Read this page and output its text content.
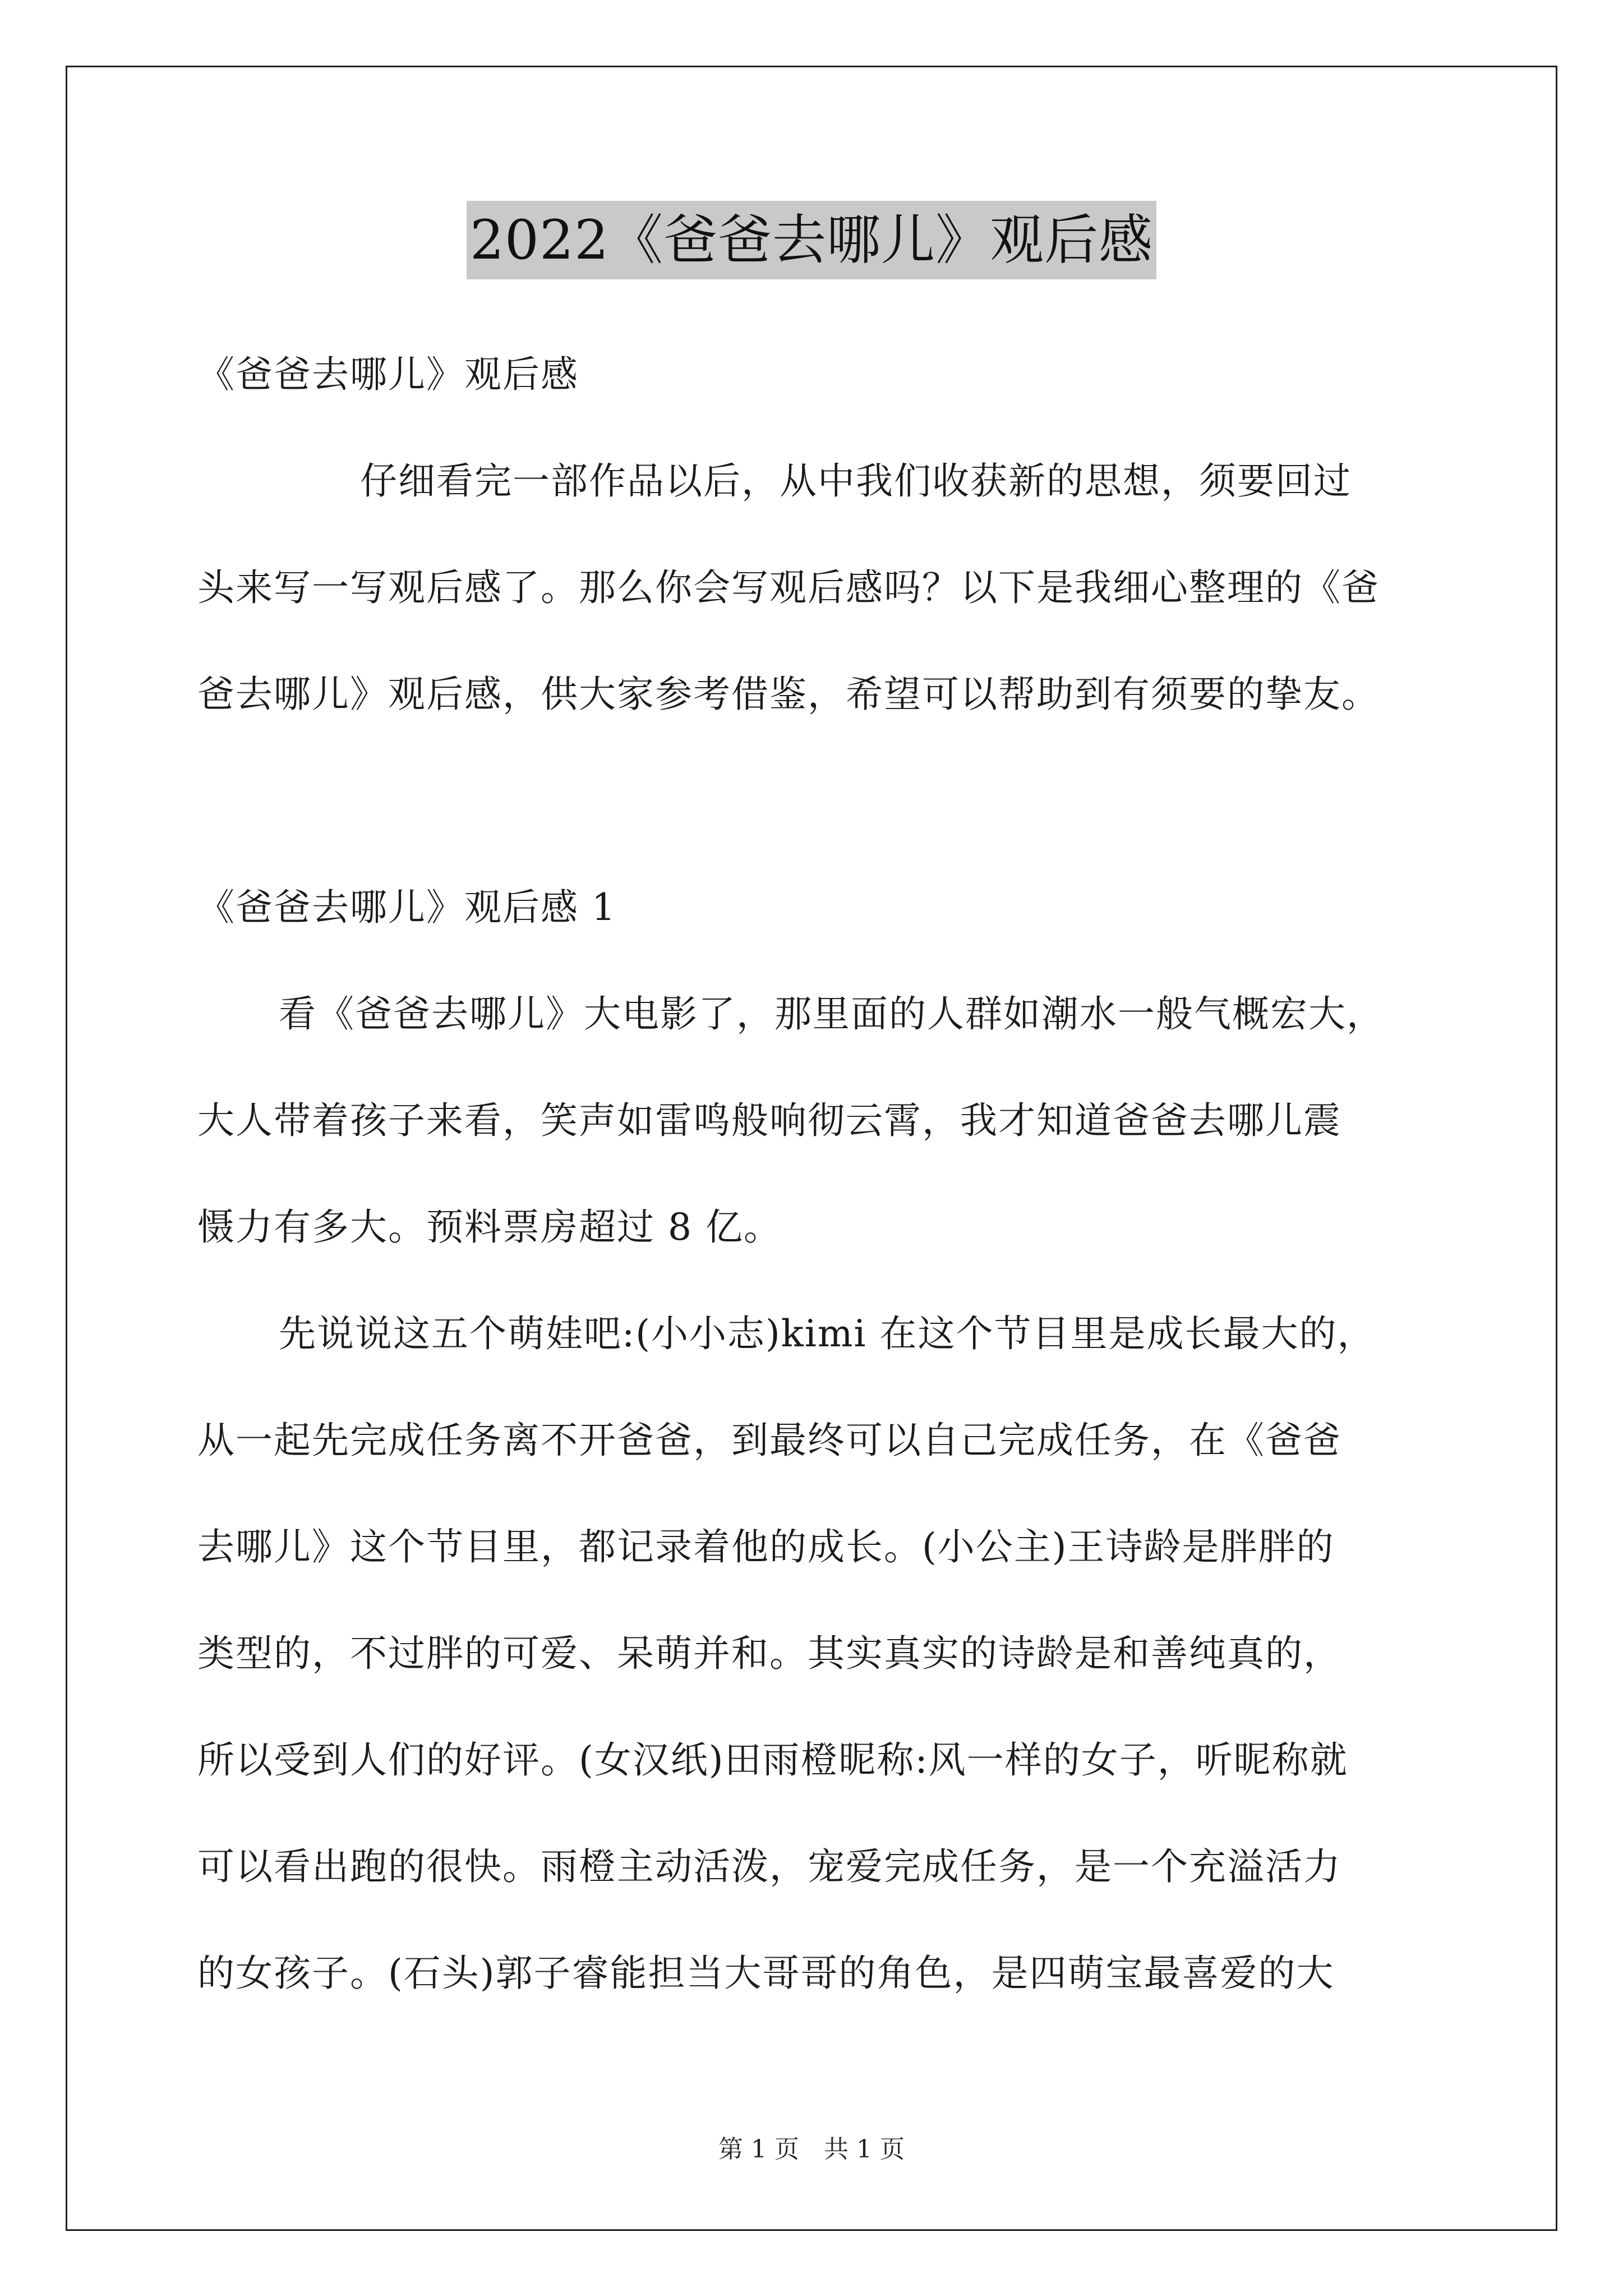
2022《爸爸去哪儿》观后感
《爸爸去哪儿》观后感
仔细看完一部作品以后，从中我们收获新的思想，须要回过
头来写一写观后感了。那么你会写观后感吗？以下是我细心整理的《爸
爸去哪儿》观后感，供大家参考借鉴，希望可以帮助到有须要的挚友。
《爸爸去哪儿》观后感 1
看《爸爸去哪儿》大电影了，那里面的人群如潮水一般气概宏大，
大人带着孩子来看，笑声如雷鸣般响彻云霄，我才知道爸爸去哪儿震
慑力有多大。预料票房超过 8 亿。
先说说这五个萌娃吧:(小小志)kimi 在这个节目里是成长最大的，
从一起先完成任务离不开爸爸，到最终可以自己完成任务，在《爸爸
去哪儿》这个节目里，都记录着他的成长。(小公主)王诗龄是胖胖的
类型的，不过胖的可爱、呆萌并和。其实真实的诗龄是和善纯真的，
所以受到人们的好评。(女汉纸)田雨橙昵称:风一样的女子，听昵称就
可以看出跑的很快。雨橙主动活泼，宠爱完成任务，是一个充溢活力
的女孩子。(石头)郭子睿能担当大哥哥的角色，是四萌宝最喜爱的大
第 1 页　共 1 页
